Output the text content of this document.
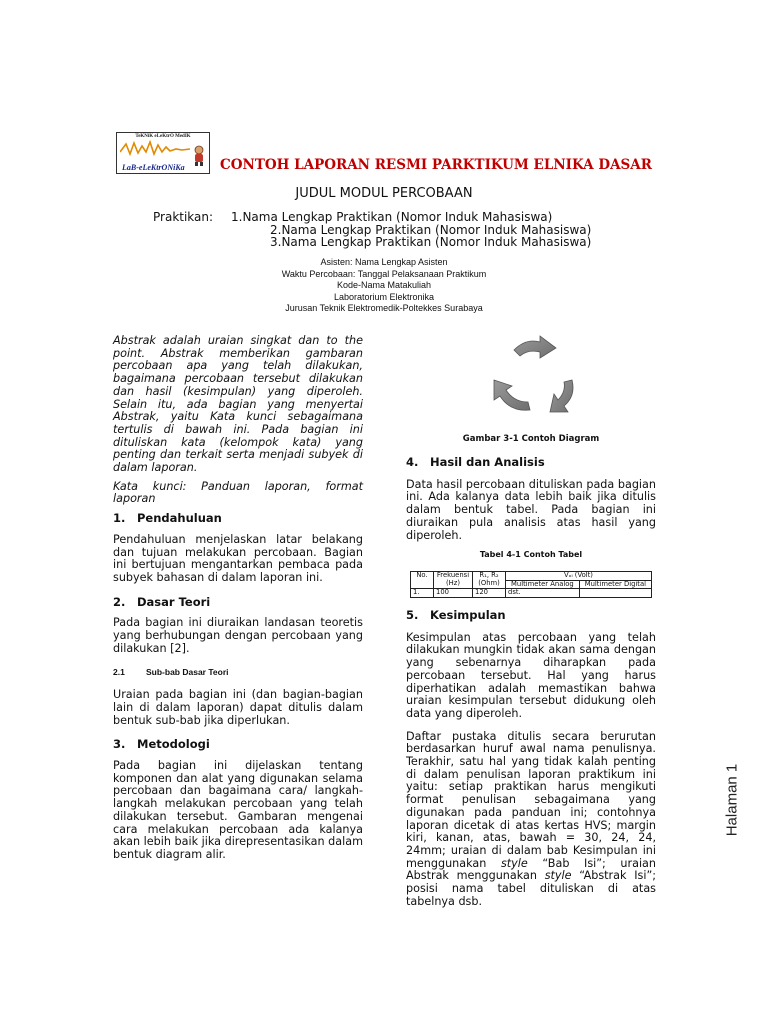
TeKNiK eLeKtrO MedIK
LaB-eLeKtrONiKa	CONTOH LAPORAN RESMI PARKTIKUM ELNIKA DASAR
JUDUL MODUL PERCOBAAN
Praktikan: 1.Nama Lengkap Praktikan (Nomor Induk Mahasiswa)
2.Nama Lengkap Praktikan (Nomor Induk Mahasiswa)
3.Nama Lengkap Praktikan (Nomor Induk Mahasiswa)
Asisten: Nama Lengkap Asisten
Waktu Percobaan: Tanggal Pelaksanaan Praktikum
Kode-Nama Matakuliah
Laboratorium Elektronika
Jurusan Teknik Elektromedik-Poltekkes Surabaya

Abstrak adalah uraian singkat dan to the point. Abstrak memberikan gambaran percobaan apa yang telah dilakukan, bagaimana percobaan tersebut dilakukan dan hasil (kesimpulan) yang diperoleh. Selain itu, ada bagian yang menyertai Abstrak, yaitu Kata kunci sebagaimana tertulis di bawah ini. Pada bagian ini dituliskan kata (kelompok kata) yang penting dan terkait serta menjadi subyek di dalam laporan.

Kata kunci: Panduan laporan, format laporan

1. Pendahuluan

Pendahuluan menjelaskan latar belakang dan tujuan melakukan percobaan. Bagian ini bertujuan mengantarkan pembaca pada subyek bahasan di dalam laporan ini.

2. Dasar Teori

Pada bagian ini diuraikan landasan teoretis yang berhubungan dengan percobaan yang dilakukan [2].

2.1 Sub-bab Dasar Teori

Uraian pada bagian ini (dan bagian-bagian lain di dalam laporan) dapat ditulis dalam bentuk sub-bab jika diperlukan.

3. Metodologi

Pada bagian ini dijelaskan tentang komponen dan alat yang digunakan selama percobaan dan bagaimana cara/ langkah-langkah melakukan percobaan yang telah dilakukan tersebut. Gambaran mengenai cara melakukan percobaan ada kalanya akan lebih baik jika direpresentasikan dalam bentuk diagram alir.

Gambar 3-1 Contoh Diagram

4. Hasil dan Analisis

Data hasil percobaan dituliskan pada bagian ini. Ada kalanya data lebih baik jika ditulis dalam bentuk tabel. Pada bagian ini diuraikan pula analisis atas hasil yang diperoleh.

Tabel 4-1 Contoh Tabel
No.	Frekuensi (Hz)	R₁, R₂ (Ohm)	Vₒₗ (Volt)	
			Multimeter Analog	Multimeter Digital
1.	100	120	dst.	

5. Kesimpulan

Kesimpulan atas percobaan yang telah dilakukan mungkin tidak akan sama dengan yang sebenarnya diharapkan pada percobaan tersebut. Hal yang harus diperhatikan adalah memastikan bahwa uraian kesimpulan tersebut didukung oleh data yang diperoleh.

Daftar pustaka ditulis secara berurutan berdasarkan huruf awal nama penulisnya. Terakhir, satu hal yang tidak kalah penting di dalam penulisan laporan praktikum ini yaitu: setiap praktikan harus mengikuti format penulisan sebagaimana yang digunakan pada panduan ini; contohnya laporan dicetak di atas kertas HVS; margin kiri, kanan, atas, bawah = 30, 24, 24, 24mm; uraian di dalam bab Kesimpulan ini menggunakan style “Bab Isi”; uraian Abstrak menggunakan style “Abstrak Isi”; posisi nama tabel dituliskan di atas tabelnya dsb.

Halaman 1
